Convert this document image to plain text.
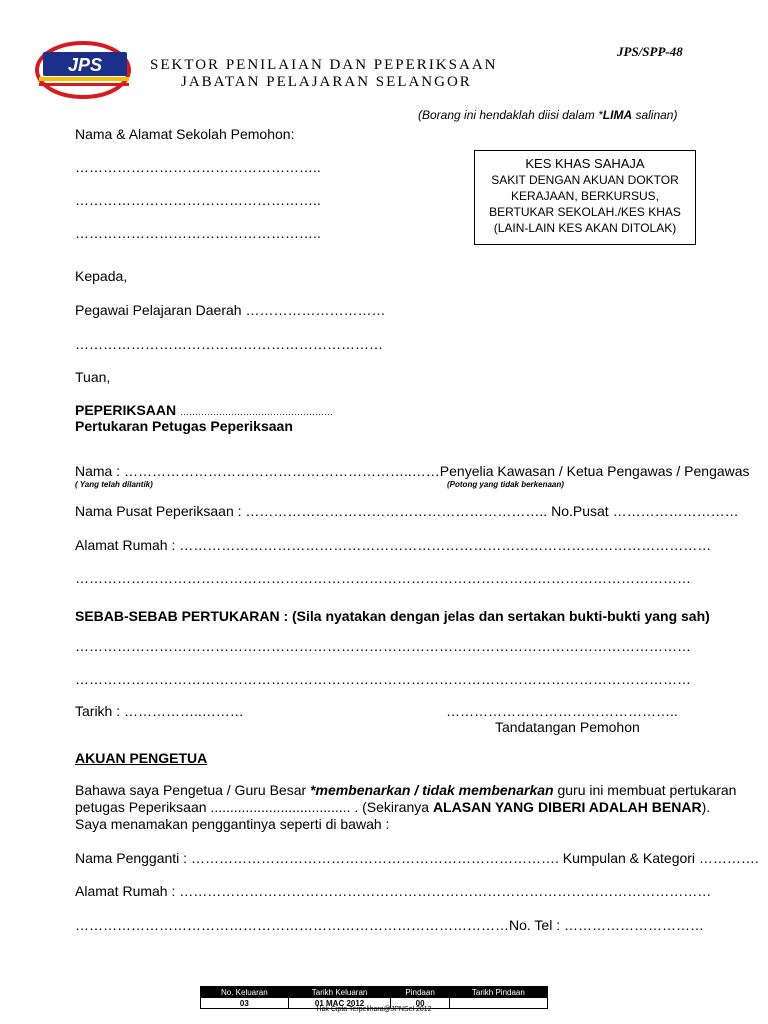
JPS	SEKTOR PENILAIAN DAN PEPERIKSAAN
JABATAN PELAJARAN SELANGOR
JPS/SPP-48
(Borang ini hendaklah diisi dalam *LIMA salinan)
KES KHAS SAHAJA
SAKIT DENGAN AKUAN DOKTOR
KERAJAAN, BERKURSUS,
BERTUKAR SEKOLAH./KES KHAS
(LAIN-LAIN KES AKAN DITOLAK)
Nama & Alamat Sekolah Pemohon:
……………………………………………..
……………………………………………..
……………………………………………..
Kepada,
Pegawai Pelajaran Daerah …………………………
…………………………………………………………
Tuan,
PEPERIKSAAN ……………………………………………
Pertukaran Petugas Peperiksaan
Nama : ……………………………………………………..……Penyelia Kawasan / Ketua Pengawas / Pengawas
( Yang telah dilantik)	(Potong yang tidak berkenaan)
Nama Pusat Peperiksaan : ……………………………………………………….. No.Pusat ………………………
Alamat Rumah : ……………………………………………………………………………………………………
……………………………………………………………………………………………………………………
SEBAB-SEBAB PERTUKARAN : (Sila nyatakan dengan jelas dan sertakan bukti-bukti yang sah)
……………………………………………………………………………………………………………………
……………………………………………………………………………………………………………………
Tarikh : ……………..………	…………………………………………..
Tandatangan Pemohon
AKUAN PENGETUA
Bahawa saya Pengetua / Guru Besar *membenarkan / tidak membenarkan guru ini membuat pertukaran
petugas Peperiksaan .................................... . (Sekiranya ALASAN YANG DIBERI ADALAH BENAR).
Saya menamakan penggantinya seperti di bawah :
Nama Pengganti : ……………………………………………………………………. Kumpulan & Kategori ………….
Alamat Rumah : ……………………………………………………………………………………………………
…………………………………………………………………………………No. Tel : …………………………
No. Keluaran	Tarikh Keluaran	Pindaan	Tarikh Pindaan
03	01 MAC 2012	00	
Hak Cipta Terpelihara@JPNSel 2012
